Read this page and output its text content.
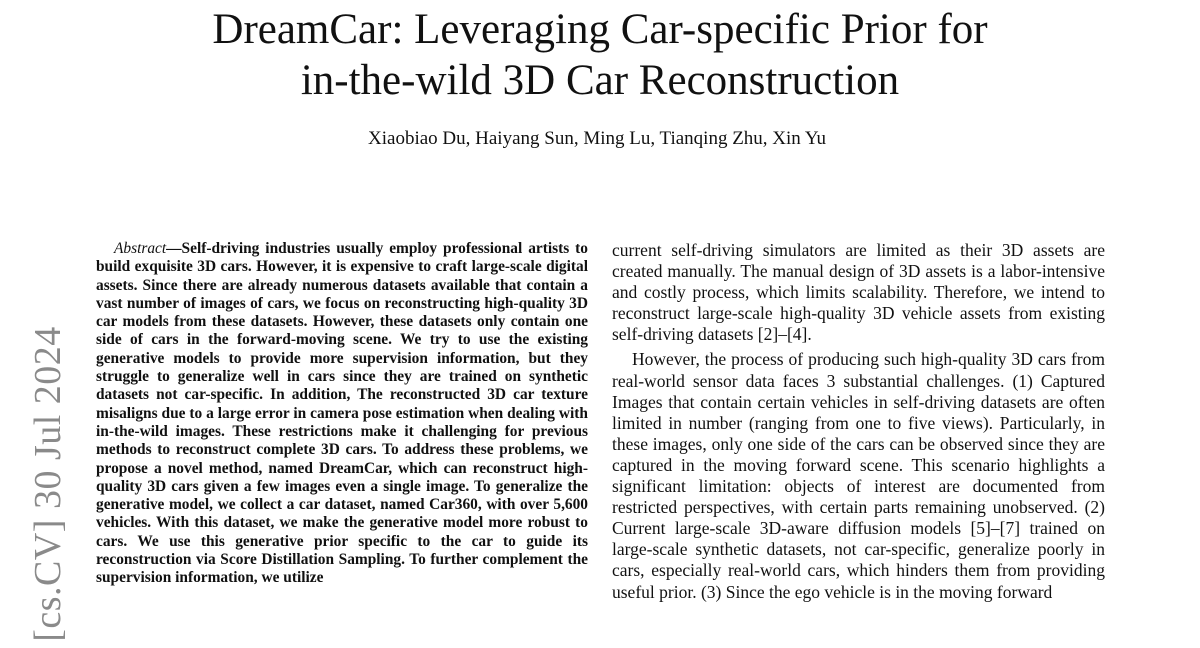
DreamCar: Leveraging Car-specific Prior for
in-the-wild 3D Car Reconstruction
Xiaobiao Du, Haiyang Sun, Ming Lu, Tianqing Zhu, Xin Yu
[cs.CV] 30 Jul 2024

Abstract—Self-driving industries usually employ professional artists to build exquisite 3D cars. However, it is expensive to craft large-scale digital assets. Since there are already numerous datasets available that contain a vast number of images of cars, we focus on reconstructing high-quality 3D car models from these datasets. However, these datasets only contain one side of cars in the forward-moving scene. We try to use the existing generative models to provide more supervision information, but they struggle to generalize well in cars since they are trained on synthetic datasets not car-specific. In addition, The reconstructed 3D car texture misaligns due to a large error in camera pose estimation when dealing with in-the-wild images. These restrictions make it challenging for previous methods to reconstruct complete 3D cars. To address these problems, we propose a novel method, named DreamCar, which can reconstruct high-quality 3D cars given a few images even a single image. To generalize the generative model, we collect a car dataset, named Car360, with over 5,600 vehicles. With this dataset, we make the generative model more robust to cars. We use this generative prior specific to the car to guide its reconstruction via Score Distillation Sampling. To further complement the supervision information, we utilize

current self-driving simulators are limited as their 3D assets are created manually. The manual design of 3D assets is a labor-intensive and costly process, which limits scalability. Therefore, we intend to reconstruct large-scale high-quality 3D vehicle assets from existing self-driving datasets [2]–[4].

However, the process of producing such high-quality 3D cars from real-world sensor data faces 3 substantial challenges. (1) Captured Images that contain certain vehicles in self-driving datasets are often limited in number (ranging from one to five views). Particularly, in these images, only one side of the cars can be observed since they are captured in the moving forward scene. This scenario highlights a significant limitation: objects of interest are documented from restricted perspectives, with certain parts remaining unobserved. (2) Current large-scale 3D-aware diffusion models [5]–[7] trained on large-scale synthetic datasets, not car-specific, generalize poorly in cars, especially real-world cars, which hinders them from providing useful prior. (3) Since the ego vehicle is in the moving forward
